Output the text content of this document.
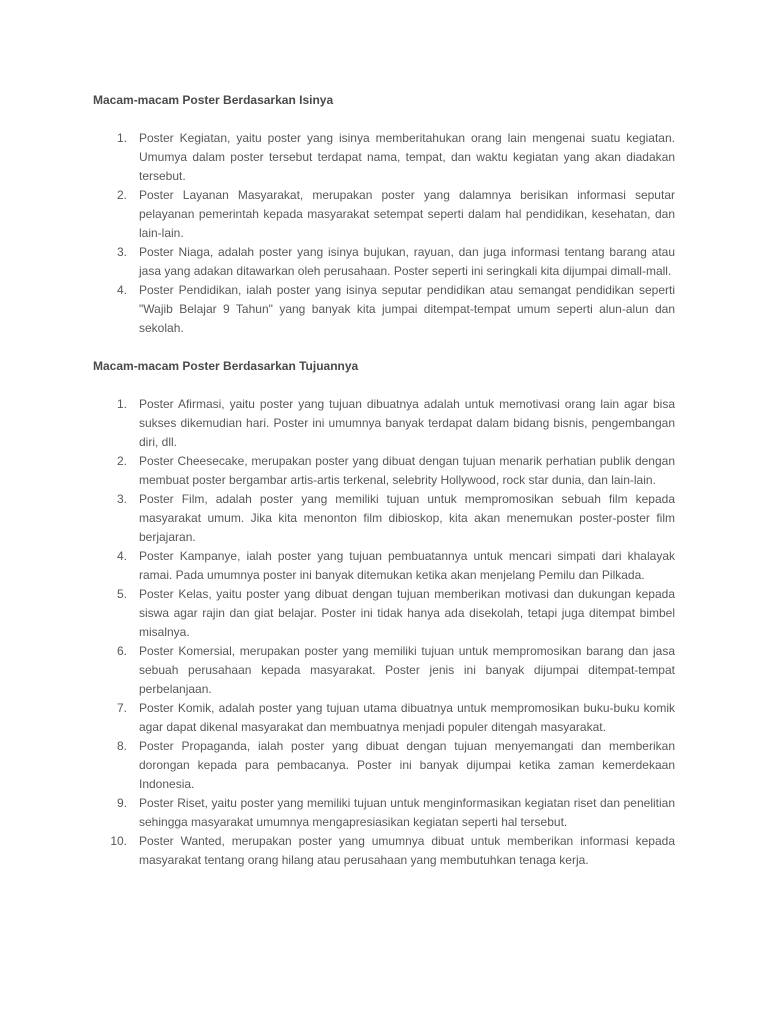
Macam-macam Poster Berdasarkan Isinya
1. Poster Kegiatan, yaitu poster yang isinya memberitahukan orang lain mengenai suatu kegiatan. Umumya dalam poster tersebut terdapat nama, tempat, dan waktu kegiatan yang akan diadakan tersebut.
2. Poster Layanan Masyarakat, merupakan poster yang dalamnya berisikan informasi seputar pelayanan pemerintah kepada masyarakat setempat seperti dalam hal pendidikan, kesehatan, dan lain-lain.
3. Poster Niaga, adalah poster yang isinya bujukan, rayuan, dan juga informasi tentang barang atau jasa yang adakan ditawarkan oleh perusahaan. Poster seperti ini seringkali kita dijumpai dimall-mall.
4. Poster Pendidikan, ialah poster yang isinya seputar pendidikan atau semangat pendidikan seperti "Wajib Belajar 9 Tahun" yang banyak kita jumpai ditempat-tempat umum seperti alun-alun dan sekolah.
Macam-macam Poster Berdasarkan Tujuannya
1. Poster Afirmasi, yaitu poster yang tujuan dibuatnya adalah untuk memotivasi orang lain agar bisa sukses dikemudian hari. Poster ini umumnya banyak terdapat dalam bidang bisnis, pengembangan diri, dll.
2. Poster Cheesecake, merupakan poster yang dibuat dengan tujuan menarik perhatian publik dengan membuat poster bergambar artis-artis terkenal, selebrity Hollywood, rock star dunia, dan lain-lain.
3. Poster Film, adalah poster yang memiliki tujuan untuk mempromosikan sebuah film kepada masyarakat umum. Jika kita menonton film dibioskop, kita akan menemukan poster-poster film berjajaran.
4. Poster Kampanye, ialah poster yang tujuan pembuatannya untuk mencari simpati dari khalayak ramai. Pada umumnya poster ini banyak ditemukan ketika akan menjelang Pemilu dan Pilkada.
5. Poster Kelas, yaitu poster yang dibuat dengan tujuan memberikan motivasi dan dukungan kepada siswa agar rajin dan giat belajar. Poster ini tidak hanya ada disekolah, tetapi juga ditempat bimbel misalnya.
6. Poster Komersial, merupakan poster yang memiliki tujuan untuk mempromosikan barang dan jasa sebuah perusahaan kepada masyarakat. Poster jenis ini banyak dijumpai ditempat-tempat perbelanjaan.
7. Poster Komik, adalah poster yang tujuan utama dibuatnya untuk mempromosikan buku-buku komik agar dapat dikenal masyarakat dan membuatnya menjadi populer ditengah masyarakat.
8. Poster Propaganda, ialah poster yang dibuat dengan tujuan menyemangati dan memberikan dorongan kepada para pembacanya. Poster ini banyak dijumpai ketika zaman kemerdekaan Indonesia.
9. Poster Riset, yaitu poster yang memiliki tujuan untuk menginformasikan kegiatan riset dan penelitian sehingga masyarakat umumnya mengapresiasikan kegiatan seperti hal tersebut.
10. Poster Wanted, merupakan poster yang umumnya dibuat untuk memberikan informasi kepada masyarakat tentang orang hilang atau perusahaan yang membutuhkan tenaga kerja.
